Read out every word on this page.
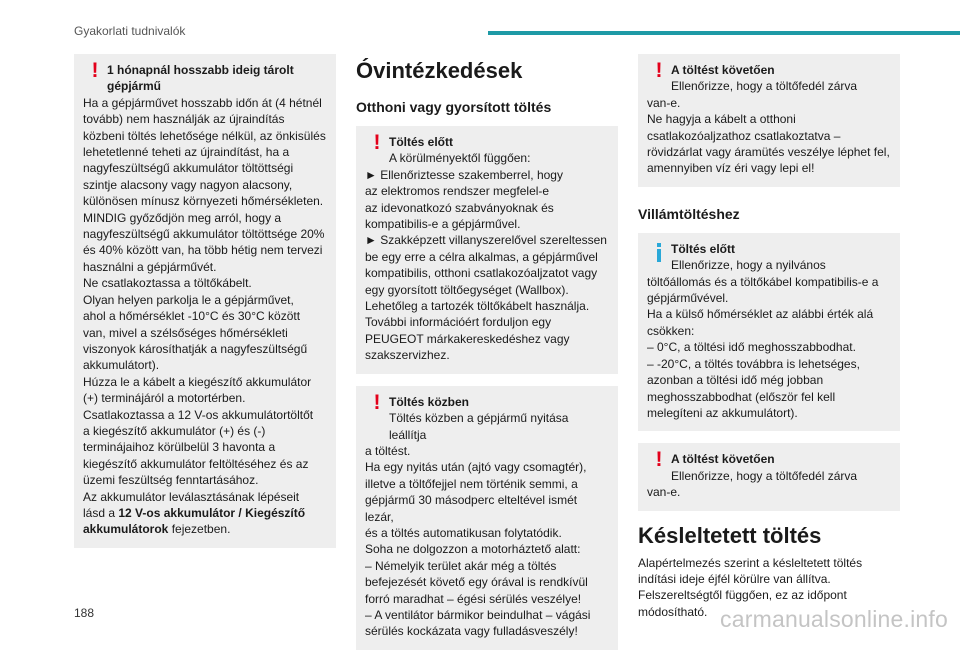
Gyakorlati tudnivalók
! 1 hónapnál hosszabb ideig tárolt
gépjármű
Ha a gépjárművet hosszabb időn át (4 hétnél
tovább) nem használják az újraindítás
közbeni töltés lehetősége nélkül, az önkisülés
lehetetlenné teheti az újraindítást, ha a
nagyfeszültségű akkumulátor töltöttségi
szintje alacsony vagy nagyon alacsony,
különösen mínusz környezeti hőmérsékleten.
MINDIG győződjön meg arról, hogy a
nagyfeszültségű akkumulátor töltöttsége 20%
és 40% között van, ha több hétig nem tervezi
használni a gépjárművét.
Ne csatlakoztassa a töltőkábelt.
Olyan helyen parkolja le a gépjárművet,
ahol a hőmérséklet -10°C és 30°C között
van, mivel a szélsőséges hőmérsékleti
viszonyok károsíthatják a nagyfeszültségű
akkumulátort).
Húzza le a kábelt a kiegészítő akkumulátor
(+) terminájáról a motortérben.
Csatlakoztassa a 12 V-os akkumulátortöltőt
a kiegészítő akkumulátor (+) és (-)
terminájaihoz körülbelül 3 havonta a
kiegészítő akkumulátor feltöltéséhez és az
üzemi feszültség fenntartásához.
Az akkumulátor leválasztásának lépéseit
lásd a 12 V-os akkumulátor / Kiegészítő
akkumulátorok fejezetben.
Óvintézkedések
Otthoni vagy gyorsított töltés
! Töltés előtt
A körülményektől függően:
► Ellenőriztesse szakemberrel, hogy
az elektromos rendszer megfelel-e
az idevonatkozó szabványoknak és
kompatibilis-e a gépjárművel.
► Szakképzett villanyszerelővel szereltessen
be egy erre a célra alkalmas, a gépjárművel
kompatibilis, otthoni csatlakozóaljzatot vagy
egy gyorsított töltőegységet (Wallbox).
Lehetőleg a tartozék töltőkábelt használja.
További információért forduljon egy
PEUGEOT márkakereskedéshez vagy
szakszervizhez.
! Töltés közben
Töltés közben a gépjármű nyitása leállítja
a töltést.
Ha egy nyitás után (ajtó vagy csomagtér),
illetve a töltőfejjel nem történik semmi, a
gépjármű 30 másodperc elteltével ismét lezár,
és a töltés automatikusan folytatódik.
Soha ne dolgozzon a motorháztető alatt:
– Némelyik terület akár még a töltés
befejezését követő egy órával is rendkívül
forró maradhat – égési sérülés veszélye!
– A ventilátor bármikor beindulhat – vágási
sérülés kockázata vagy fulladásveszély!
! A töltést követően
Ellenőrizze, hogy a töltőfedél zárva
van-e.
Ne hagyja a kábelt a otthoni
csatlakozóaljzathoz csatlakoztatva –
rövidzárlat vagy áramütés veszélye léphet fel,
amennyiben víz éri vagy lepi el!
Villámtöltéshez
Töltés előtt
Ellenőrizze, hogy a nyilvános
töltőállomás és a töltőkábel kompatibilis-e a
gépjárművével.
Ha a külső hőmérséklet az alábbi érték alá
csökken:
– 0°C, a töltési idő meghosszabbodhat.
– -20°C, a töltés továbbra is lehetséges,
azonban a töltési idő még jobban
meghosszabbodhat (először fel kell
melegíteni az akkumulátort).
! A töltést követően
Ellenőrizze, hogy a töltőfedél zárva
van-e.
Késleltetett töltés
Alapértelmezés szerint a késleltetett töltés
indítási ideje éjfél körülre van állítva.
Felszereltségtől függően, ez az időpont
módosítható.
188	carmanualsonline.info
